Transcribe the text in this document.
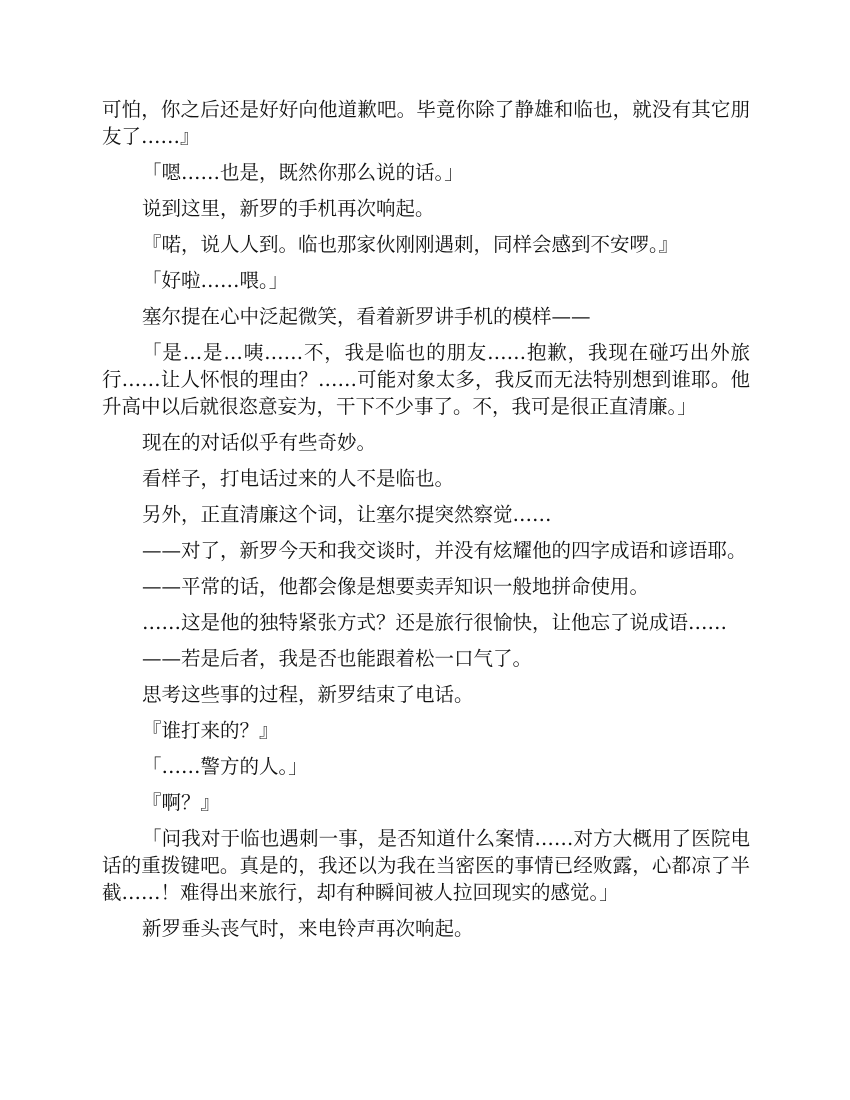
可怕，你之后还是好好向他道歉吧。毕竟你除了静雄和临也，就没有其它朋友了……』

「嗯……也是，既然你那么说的话。」

说到这里，新罗的手机再次响起。

『喏，说人人到。临也那家伙刚刚遇刺，同样会感到不安啰。』

「好啦……喂。」

塞尔提在心中泛起微笑，看着新罗讲手机的模样——

「是…是…咦……不，我是临也的朋友……抱歉，我现在碰巧出外旅行……让人怀恨的理由？……可能对象太多，我反而无法特别想到谁耶。他升高中以后就很恣意妄为，干下不少事了。不，我可是很正直清廉。」

现在的对话似乎有些奇妙。

看样子，打电话过来的人不是临也。

另外，正直清廉这个词，让塞尔提突然察觉……

——对了，新罗今天和我交谈时，并没有炫耀他的四字成语和谚语耶。

——平常的话，他都会像是想要卖弄知识一般地拼命使用。

……这是他的独特紧张方式？还是旅行很愉快，让他忘了说成语……

——若是后者，我是否也能跟着松一口气了。

思考这些事的过程，新罗结束了电话。

『谁打来的？』

「……警方的人。」

『啊？』

「问我对于临也遇刺一事，是否知道什么案情……对方大概用了医院电话的重拨键吧。真是的，我还以为我在当密医的事情已经败露，心都凉了半截……！难得出来旅行，却有种瞬间被人拉回现实的感觉。」

新罗垂头丧气时，来电铃声再次响起。
